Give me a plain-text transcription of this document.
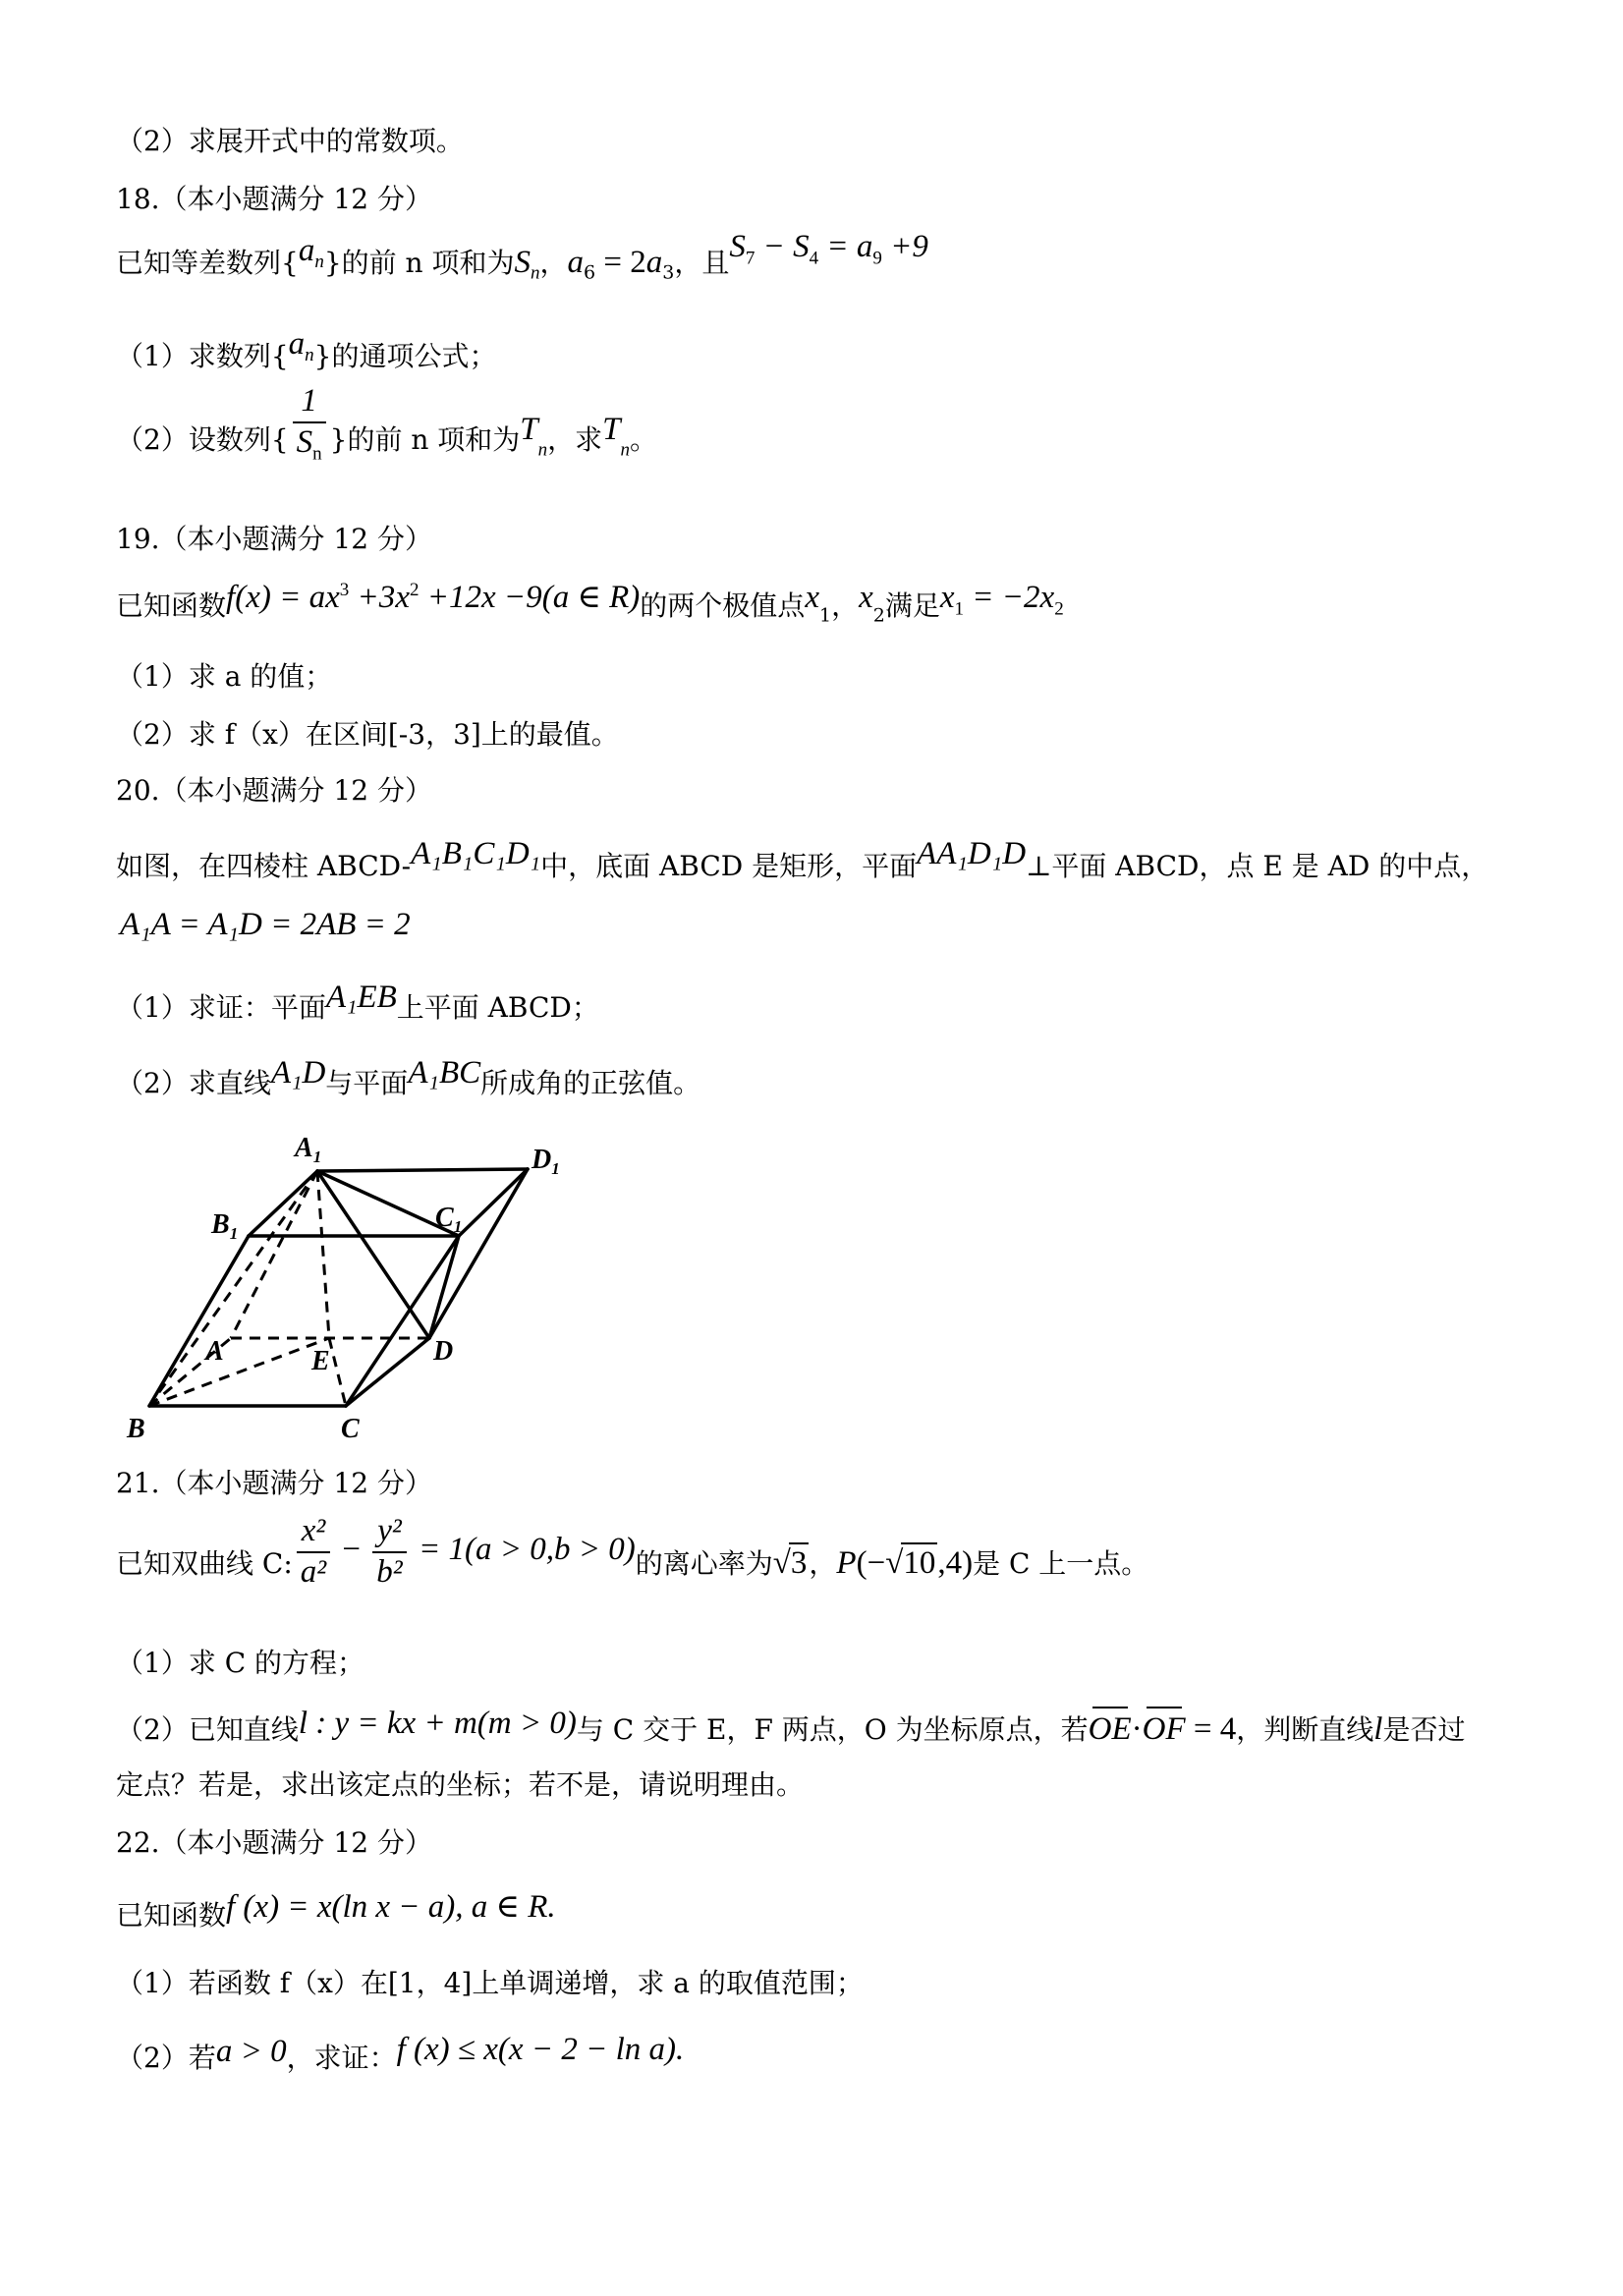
（2）求展开式中的常数项。
18.（本小题满分 12 分）
已知等差数列$\{a_n\}$的前 n 项和为$S_n$，$a_6 = 2a_3$，且$S_7 - S_4 = a_9 +9$
（1）求数列$\{a_n\}$的通项公式；
（2）设数列{ $\frac{1}{S_n}$ }的前 n 项和为$T_n$，求$T_n$。
19.（本小题满分 12 分）
已知函数$f(x) = ax^3 +3x^2 +12x -9(a$ ∈ R)的两个极值点$x_1$，$x_2$满足$x_1 = -2x_2$
（1）求 a 的值；
（2）求 f（x）在区间[-3，3]上的最值。
20.（本小题满分 12 分）
如图，在四棱柱 ABCD-A₁B₁C₁D₁中，底面 ABCD 是矩形，平面AA₁D₁D⊥平面 ABCD，点 E 是 AD 的中点，
A₁A = A₁D = 2AB = 2
（1）求证：平面A₁EB上平面 ABCD；
（2）求直线A₁D与平面A₁BC所成角的正弦值。
$A_1$	$D_1$
$B_1$
$C_1$
A	E	D
B	C
21.（本小题满分 12 分）
已知双曲线 C: $\frac{\text{x²}}{\text{a²}} - \frac{\text{y²}}{\text{b²}} = 1(a > 0,b > 0)$的离心率为√3，P(−√10,4)是 C 上一点。
（1）求 C 的方程；
（2）已知直线l : y = kx + m(m > 0)与 C 交于 E，F 两点，O 为坐标原点，若OE·OF = 4，判断直线l是否过
定点？若是，求出该定点的坐标；若不是，请说明理由。
22.（本小题满分 12 分）
已知函数f (x) = x(ln x − a), a ∈ R.
（1）若函数 f（x）在[1，4]上单调递增，求 a 的取值范围；
（2）若a > 0，求证：f (x) ≤ x(x − 2 − ln a).
